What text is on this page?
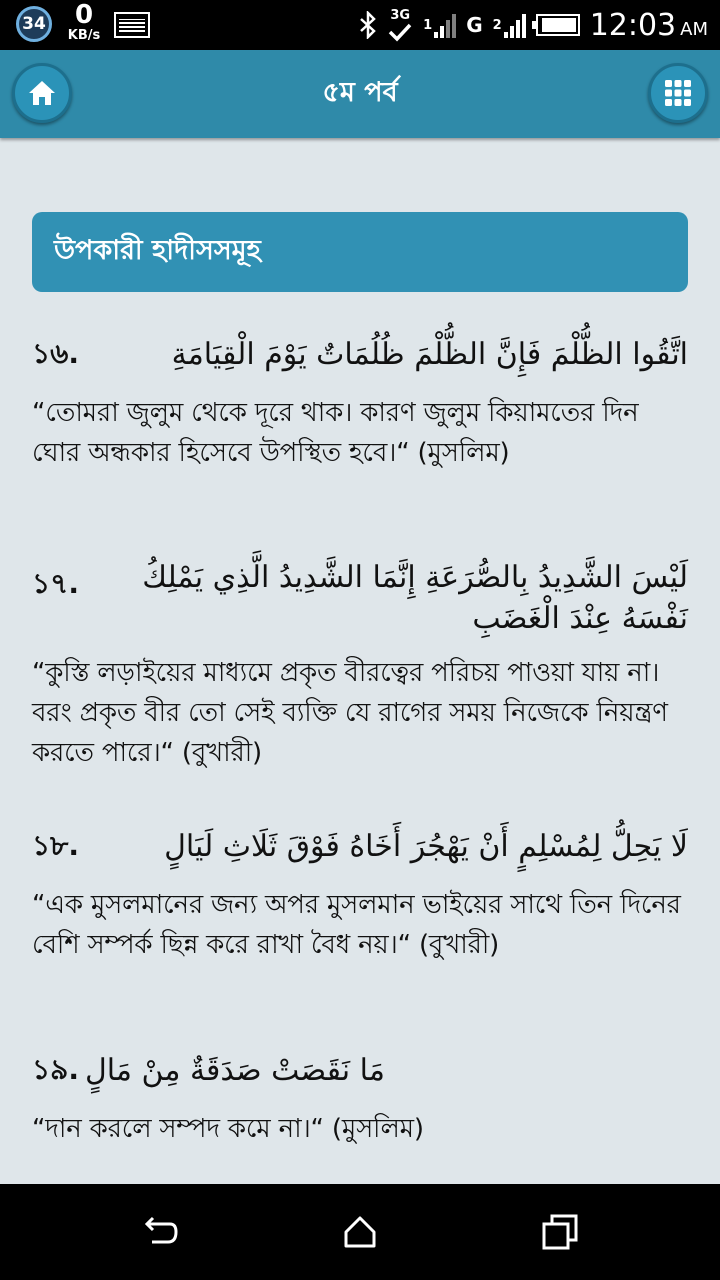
34	0
KB/s
3G
1 G 2	12:03 AM
৫ম পর্ব
উপকারী হাদীসসমূহ
১৬.	اتَّقُوا الظُّلْمَ فَإِنَّ الظُّلْمَ ظُلُمَاتٌ يَوْمَ الْقِيَامَةِ
“তোমরা জুলুম থেকে দূরে থাক। কারণ জুলুম কিয়ামতের দিন ঘোর অন্ধকার হিসেবে উপস্থিত হবে।“ (মুসলিম)
১৭.	لَيْسَ الشَّدِيدُ بِالصُّرَعَةِ إِنَّمَا الشَّدِيدُ الَّذِي يَمْلِكُ نَفْسَهُ عِنْدَ الْغَضَبِ
“কুস্তি লড়াইয়ের মাধ্যমে প্রকৃত বীরত্বের পরিচয় পাওয়া যায় না। বরং প্রকৃত বীর তো সেই ব্যক্তি যে রাগের সময় নিজেকে নিয়ন্ত্রণ করতে পারে।“ (বুখারী)
১৮.	لَا يَحِلُّ لِمُسْلِمٍ أَنْ يَهْجُرَ أَخَاهُ فَوْقَ ثَلَاثِ لَيَالٍ
“এক মুসলমানের জন্য অপর মুসলমান ভাইয়ের সাথে তিন দিনের বেশি সম্পর্ক ছিন্ন করে রাখা বৈধ নয়।“ (বুখারী)
১৯. مَا نَقَصَتْ صَدَقَةٌ مِنْ مَالٍ
“দান করলে সম্পদ কমে না।“ (মুসলিম)
